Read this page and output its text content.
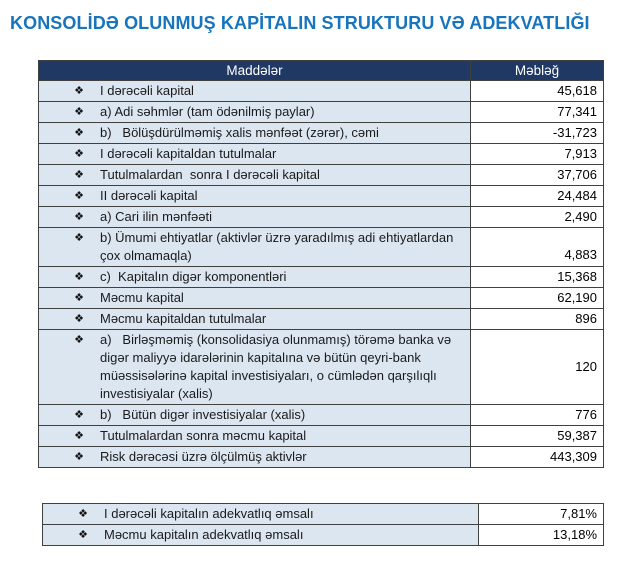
KONSOLİDƏ OLUNMUŞ KAPİTALIN STRUKTURU VƏ ADEKVATLIĞI
Maddələr	Məbləğ

❖ I dərəcəli kapital	45,618

❖ a) Adi səhmlər (tam ödənilmiş paylar)	77,341

❖ b)   Bölüşdürülməmiş xalis mənfəət (zərər), cəmi	-31,723

❖ I dərəcəli kapitaldan tutulmalar	7,913

❖ Tutulmalardan  sonra I dərəcəli kapital	37,706

❖ II dərəcəli kapital	24,484

❖ a) Cari ilin mənfəəti	2,490

❖ b) Ümumi ehtiyatlar (aktivlər üzrə yaradılmış adi ehtiyatlardan çox olmamaqla)	4,883

❖ c)  Kapitalın digər komponentləri	15,368

❖ Məcmu kapital	62,190

❖ Məcmu kapitaldan tutulmalar	896

❖ a)   Birləşməmiş (konsolidasiya olunmamış) törəmə banka və digər maliyyə idarələrinin kapitalına və bütün qeyri-bank müəssisələrinə kapital investisiyaları, o cümlədən qarşılıqlı investisiyalar (xalis)	120

❖ b)   Bütün digər investisiyalar (xalis)	776

❖ Tutulmalardan sonra məcmu kapital	59,387

❖ Risk dərəcəsi üzrə ölçülmüş aktivlər	443,309
❖ I dərəcəli kapitalın adekvatlıq əmsalı	7,81%

❖ Məcmu kapitalın adekvatlıq əmsalı	13,18%
